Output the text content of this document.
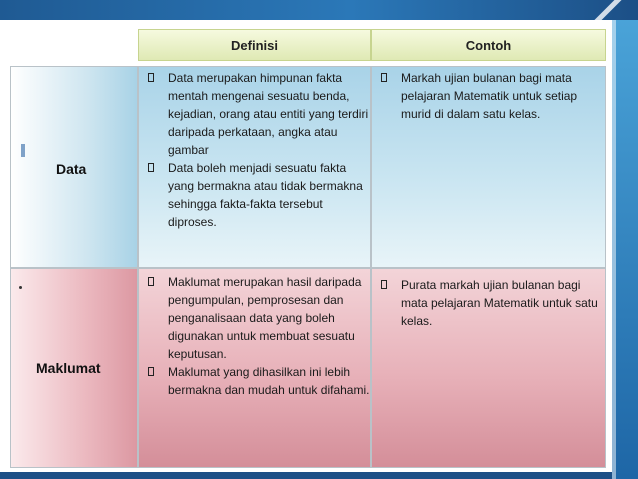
Definisi	Contoh
Data
Data merupakan himpunan fakta mentah mengenai sesuatu benda, kejadian, orang atau entiti yang terdiri daripada perkataan, angka atau gambar
Data boleh menjadi sesuatu fakta yang bermakna atau tidak bermakna sehingga fakta-fakta tersebut diproses.
Markah ujian bulanan bagi mata pelajaran Matematik untuk setiap murid di dalam satu kelas.
Maklumat
Maklumat merupakan hasil daripada pengumpulan, pemprosesan dan penganalisaan data yang boleh digunakan untuk membuat sesuatu keputusan.
Maklumat yang dihasilkan ini lebih bermakna dan mudah untuk difahami.
Purata markah ujian bulanan bagi mata pelajaran Matematik untuk satu kelas.
